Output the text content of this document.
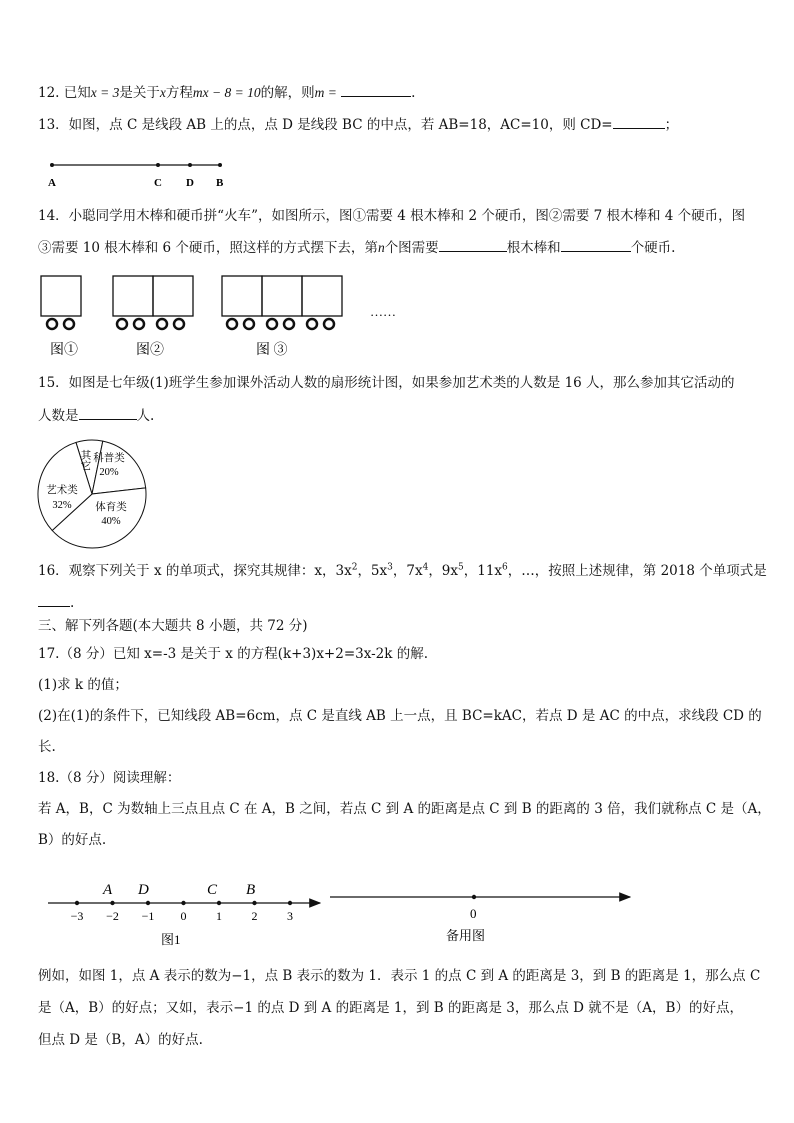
12. 已知x = 3是关于x方程mx − 8 = 10的解，则m =	.
13．如图，点 C 是线段 AB 上的点，点 D 是线段 BC 的中点，若 AB=18，AC=10，则 CD=	；
A	C D B
14．小聪同学用木棒和硬币拼“火车”，如图所示，图①需要 4 根木棒和 2 个硬币，图②需要 7 根木棒和 4 个硬币，图
③需要 10 根木棒和 6 个硬币，照这样的方式摆下去，第n个图需要	根木棒和	个硬币.
……
图①	图②	图 ③
15．如图是七年级(1)班学生参加课外活动人数的扇形统计图，如果参加艺术类的人数是 16 人，那么参加其它活动的
人数是	人.
科普类
20%
体育类
40%
艺术类
32%
其它
16．观察下列关于 x 的单项式，探究其规律：x，$3x^2$，$5x^3$，$7x^4$，$9x^5$，$11x^6$，…，按照上述规律，第 2018 个单项式是
.
三、解下列各题(本大题共 8 小题，共 72 分)
17.（8 分）已知 x=-3 是关于 x 的方程(k+3)x+2=3x-2k 的解.
(1)求 k 的值；
(2)在(1)的条件下，已知线段 AB=6cm，点 C 是直线 AB 上一点，且 BC=kAC，若点 D 是 AC 的中点，求线段 CD 的
长.
18.（8 分）阅读理解：
若 A，B，C 为数轴上三点且点 C 在 A，B 之间，若点 C 到 A 的距离是点 C 到 B 的距离的 3 倍，我们就称点 C 是（A，
B）的好点.
−3 −2 −1 0 1 2 3
A D	C B
图1
0
备用图
例如，如图 1，点 A 表示的数为−1，点 B 表示的数为 1．表示 1 的点 C 到 A 的距离是 3，到 B 的距离是 1，那么点 C
是（A，B）的好点；又如，表示−1 的点 D 到 A 的距离是 1，到 B 的距离是 3，那么点 D 就不是（A，B）的好点，
但点 D 是（B，A）的好点.
